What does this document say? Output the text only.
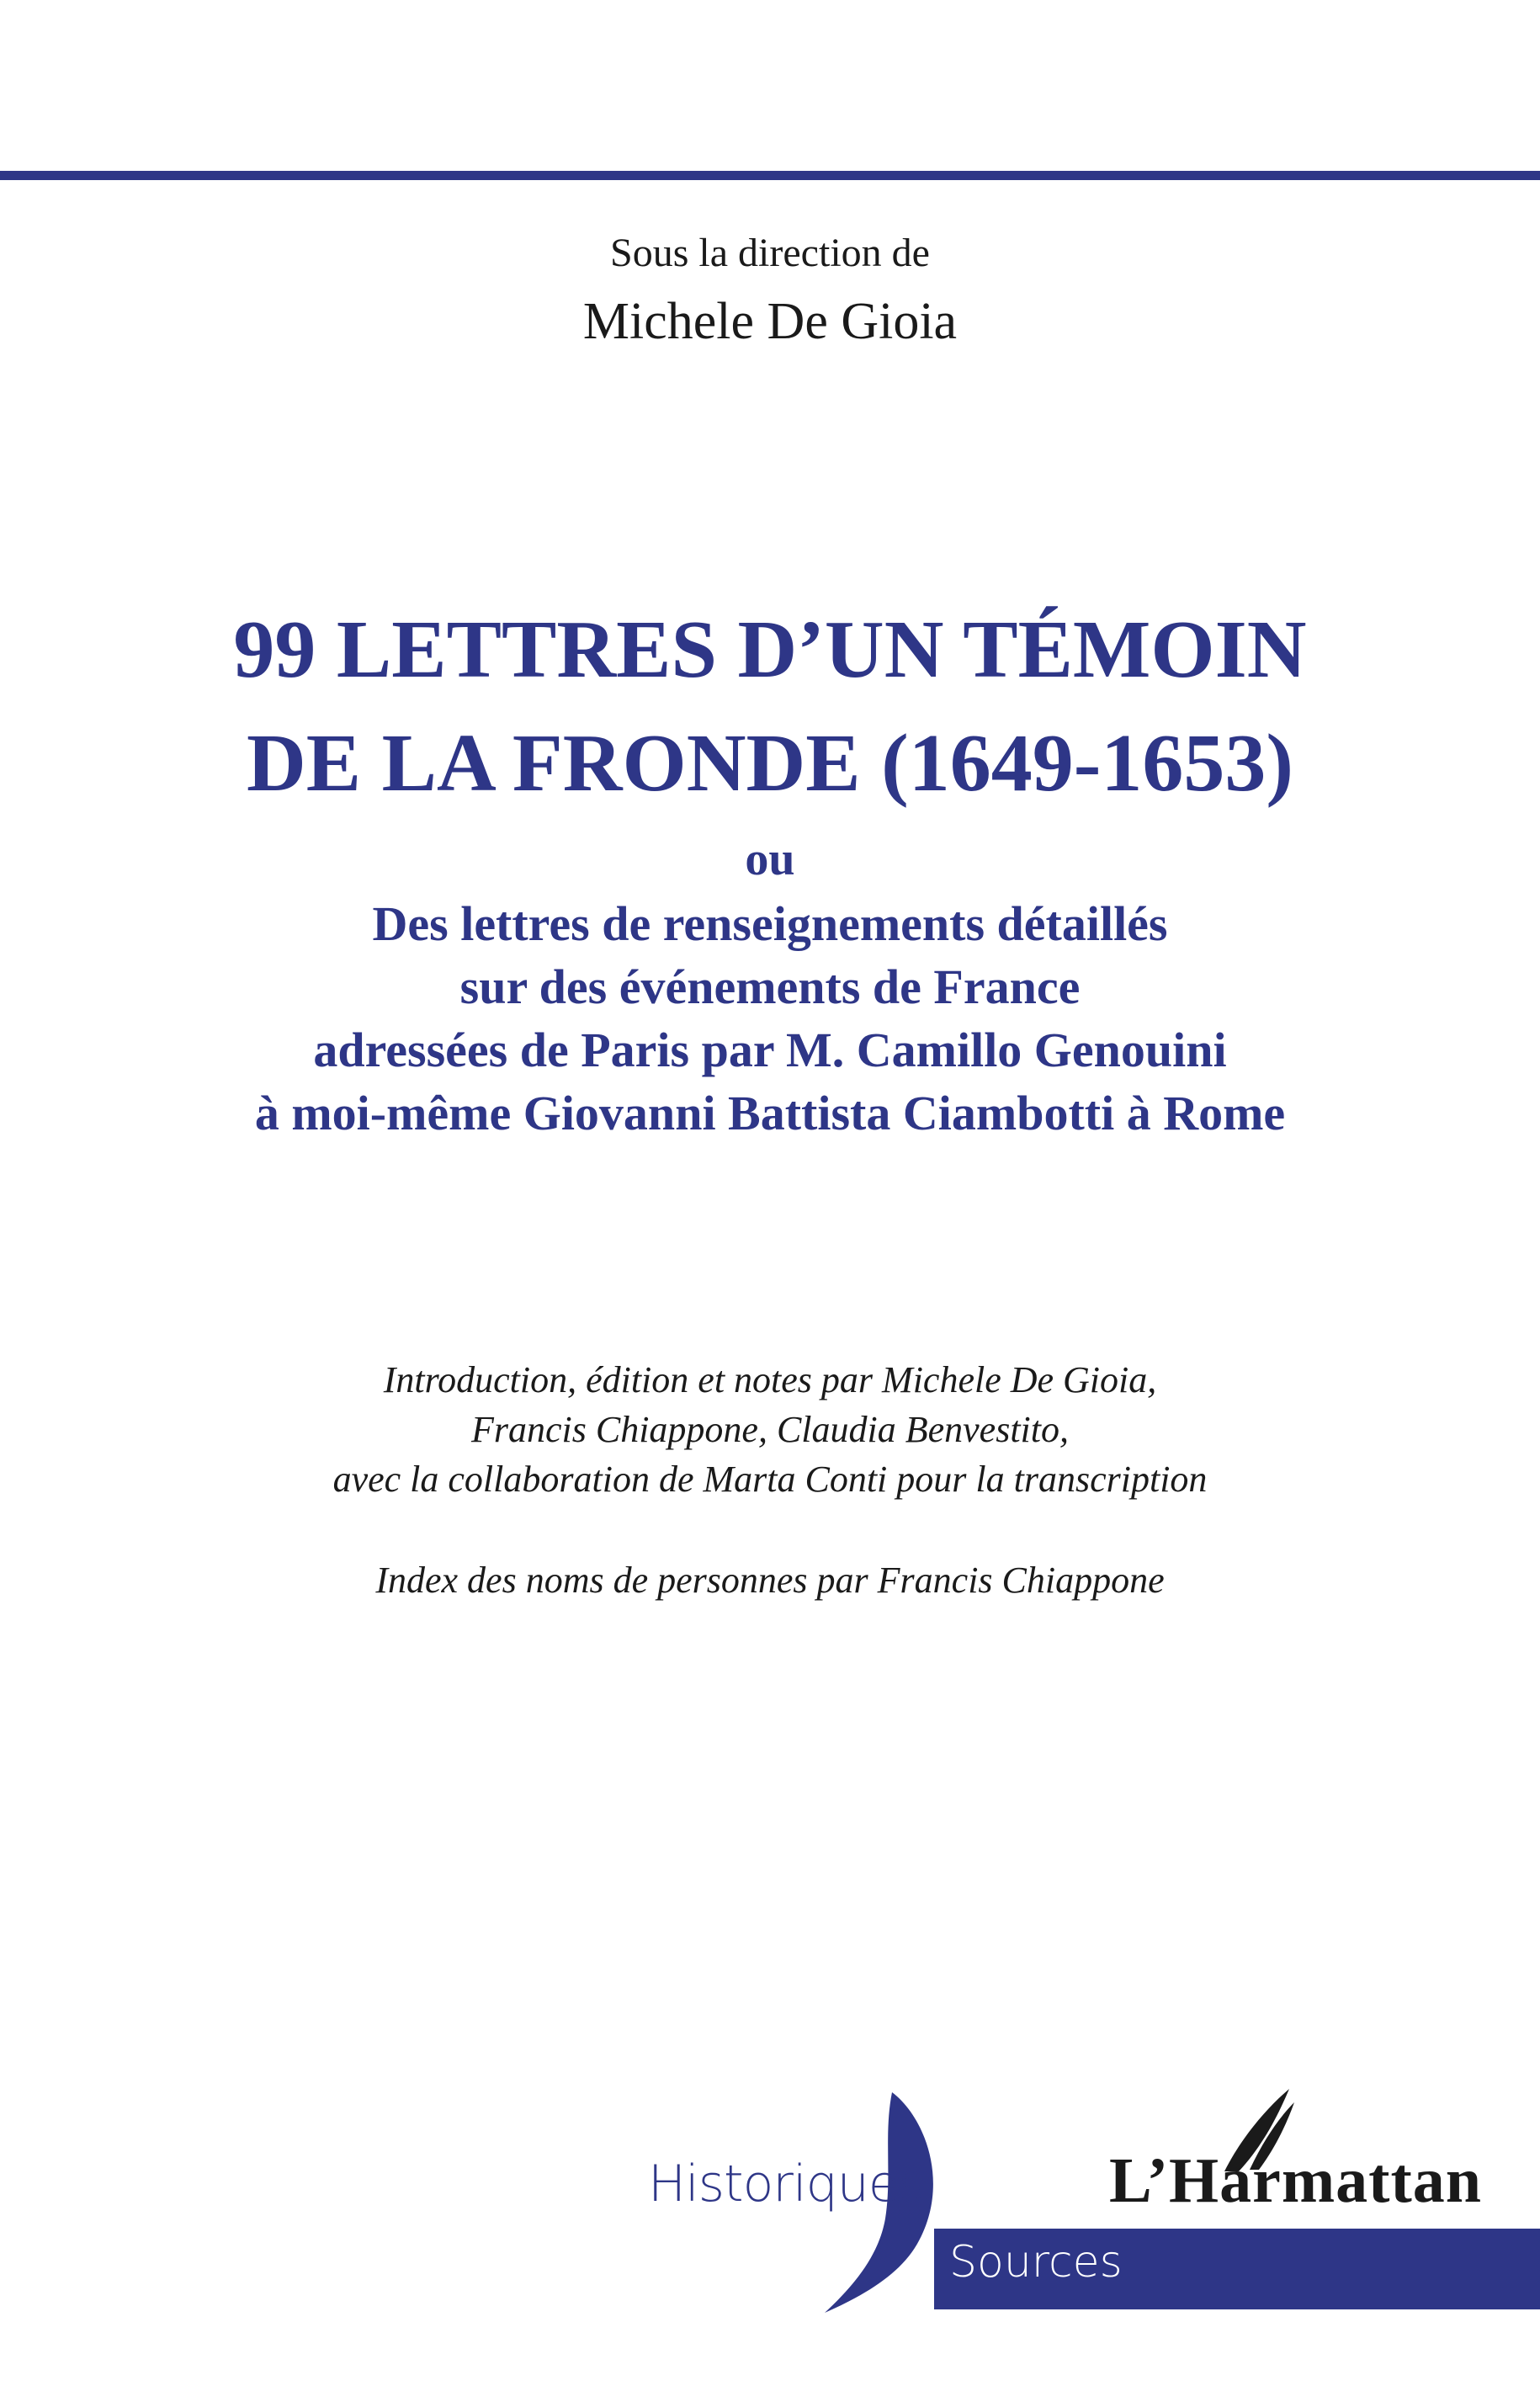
Sous la direction de
Michele De Gioia
99 LETTRES D’UN TÉMOIN
DE LA FRONDE (1649-1653)
ou
Des lettres de renseignements détaillés
sur des événements de France
adressées de Paris par M. Camillo Genouini
à moi-même Giovanni Battista Ciambotti à Rome
Introduction, édition et notes par Michele De Gioia,
Francis Chiappone, Claudia Benvestito,
avec la collaboration de Marta Conti pour la transcription
Index des noms de personnes par Francis Chiappone
Historiques
Sources
L’Harmattan
